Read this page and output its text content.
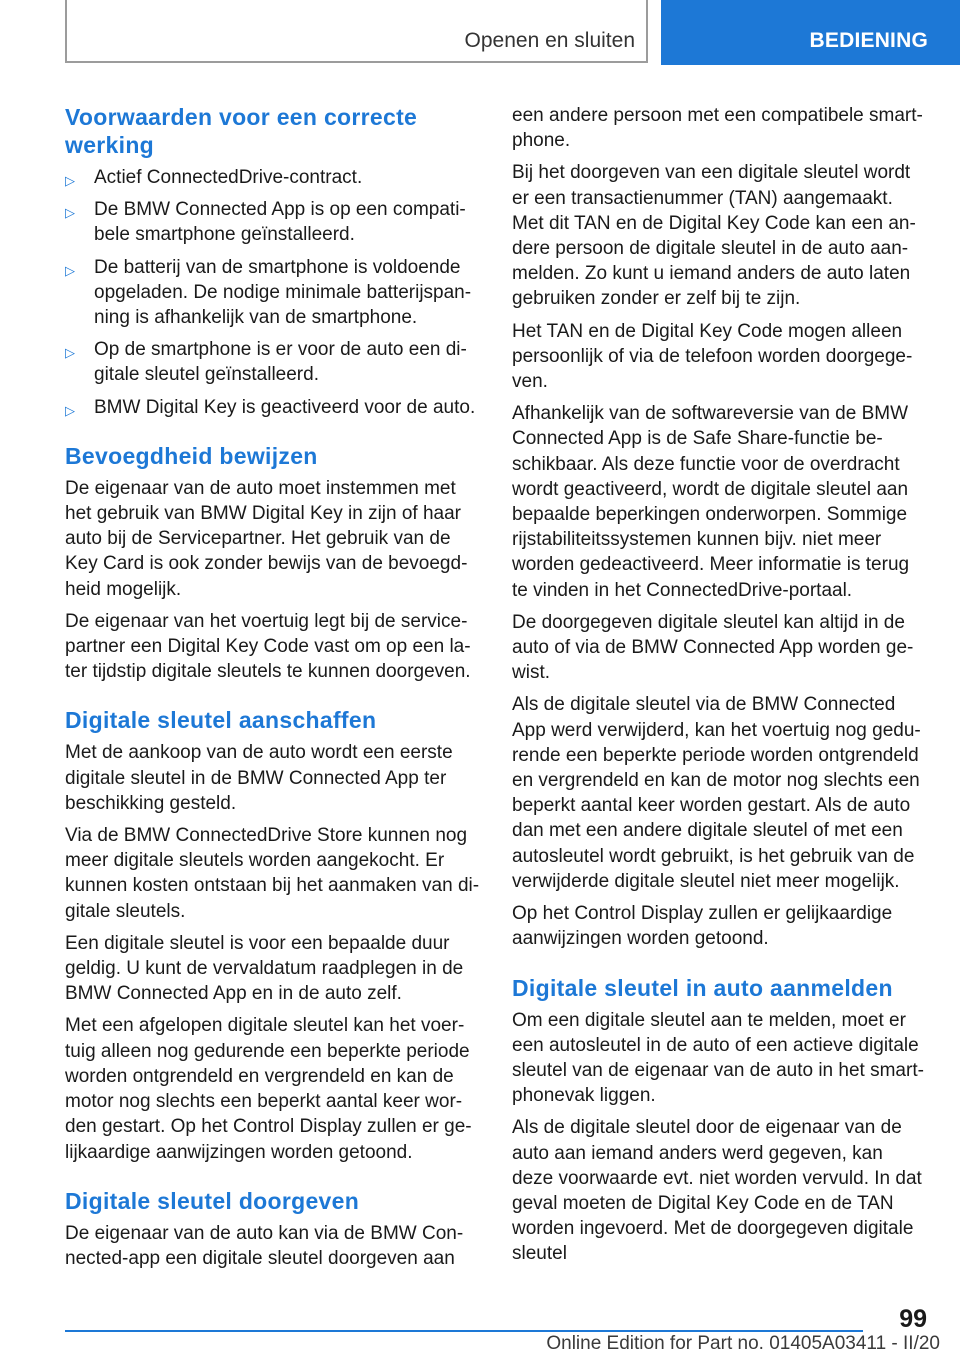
Openen en sluiten	BEDIENING
Voorwaarden voor een correcte werking
▷ Actief ConnectedDrive-contract.
▷ De BMW Connected App is op een compatibele smartphone geïnstalleerd.
▷ De batterij van de smartphone is voldoende opgeladen. De nodige minimale batterijspanning is afhankelijk van de smartphone.
▷ Op de smartphone is er voor de auto een digitale sleutel geïnstalleerd.
▷ BMW Digital Key is geactiveerd voor de auto.
Bevoegdheid bewijzen

De eigenaar van de auto moet instemmen met het gebruik van BMW Digital Key in zijn of haar auto bij de Servicepartner. Het gebruik van de Key Card is ook zonder bewijs van de bevoegdheid mogelijk.

De eigenaar van het voertuig legt bij de servicepartner een Digital Key Code vast om op een later tijdstip digitale sleutels te kunnen doorgeven.

Digitale sleutel aanschaffen

Met de aankoop van de auto wordt een eerste digitale sleutel in de BMW Connected App ter beschikking gesteld.

Via de BMW ConnectedDrive Store kunnen nog meer digitale sleutels worden aangekocht. Er kunnen kosten ontstaan bij het aanmaken van digitale sleutels.

Een digitale sleutel is voor een bepaalde duur geldig. U kunt de vervaldatum raadplegen in de BMW Connected App en in de auto zelf.

Met een afgelopen digitale sleutel kan het voertuig alleen nog gedurende een beperkte periode worden ontgrendeld en vergrendeld en kan de motor nog slechts een beperkt aantal keer worden gestart. Op het Control Display zullen er gelijkaardige aanwijzingen worden getoond.

Digitale sleutel doorgeven

De eigenaar van de auto kan via de BMW Connected-app een digitale sleutel doorgeven aan

een andere persoon met een compatibele smartphone.

Bij het doorgeven van een digitale sleutel wordt er een transactienummer (TAN) aangemaakt. Met dit TAN en de Digital Key Code kan een andere persoon de digitale sleutel in de auto aanmelden. Zo kunt u iemand anders de auto laten gebruiken zonder er zelf bij te zijn.

Het TAN en de Digital Key Code mogen alleen persoonlijk of via de telefoon worden doorgegeven.

Afhankelijk van de softwareversie van de BMW Connected App is de Safe Share-functie beschikbaar. Als deze functie voor de overdracht wordt geactiveerd, wordt de digitale sleutel aan bepaalde beperkingen onderworpen. Sommige rijstabiliteitssystemen kunnen bijv. niet meer worden gedeactiveerd. Meer informatie is terug te vinden in het ConnectedDrive-portaal.

De doorgegeven digitale sleutel kan altijd in de auto of via de BMW Connected App worden gewist.

Als de digitale sleutel via de BMW Connected App werd verwijderd, kan het voertuig nog gedurende een beperkte periode worden ontgrendeld en vergrendeld en kan de motor nog slechts een beperkt aantal keer worden gestart. Als de auto dan met een andere digitale sleutel of met een autosleutel wordt gebruikt, is het gebruik van de verwijderde digitale sleutel niet meer mogelijk.

Op het Control Display zullen er gelijkaardige aanwijzingen worden getoond.

Digitale sleutel in auto aanmelden

Om een digitale sleutel aan te melden, moet er een autosleutel in de auto of een actieve digitale sleutel van de eigenaar van de auto in het smartphonevak liggen.

Als de digitale sleutel door de eigenaar van de auto aan iemand anders werd gegeven, kan deze voorwaarde evt. niet worden vervuld. In dat geval moeten de Digital Key Code en de TAN worden ingevoerd. Met de doorgegeven digitale sleutel

99
Online Edition for Part no. 01405A03411 - II/20
